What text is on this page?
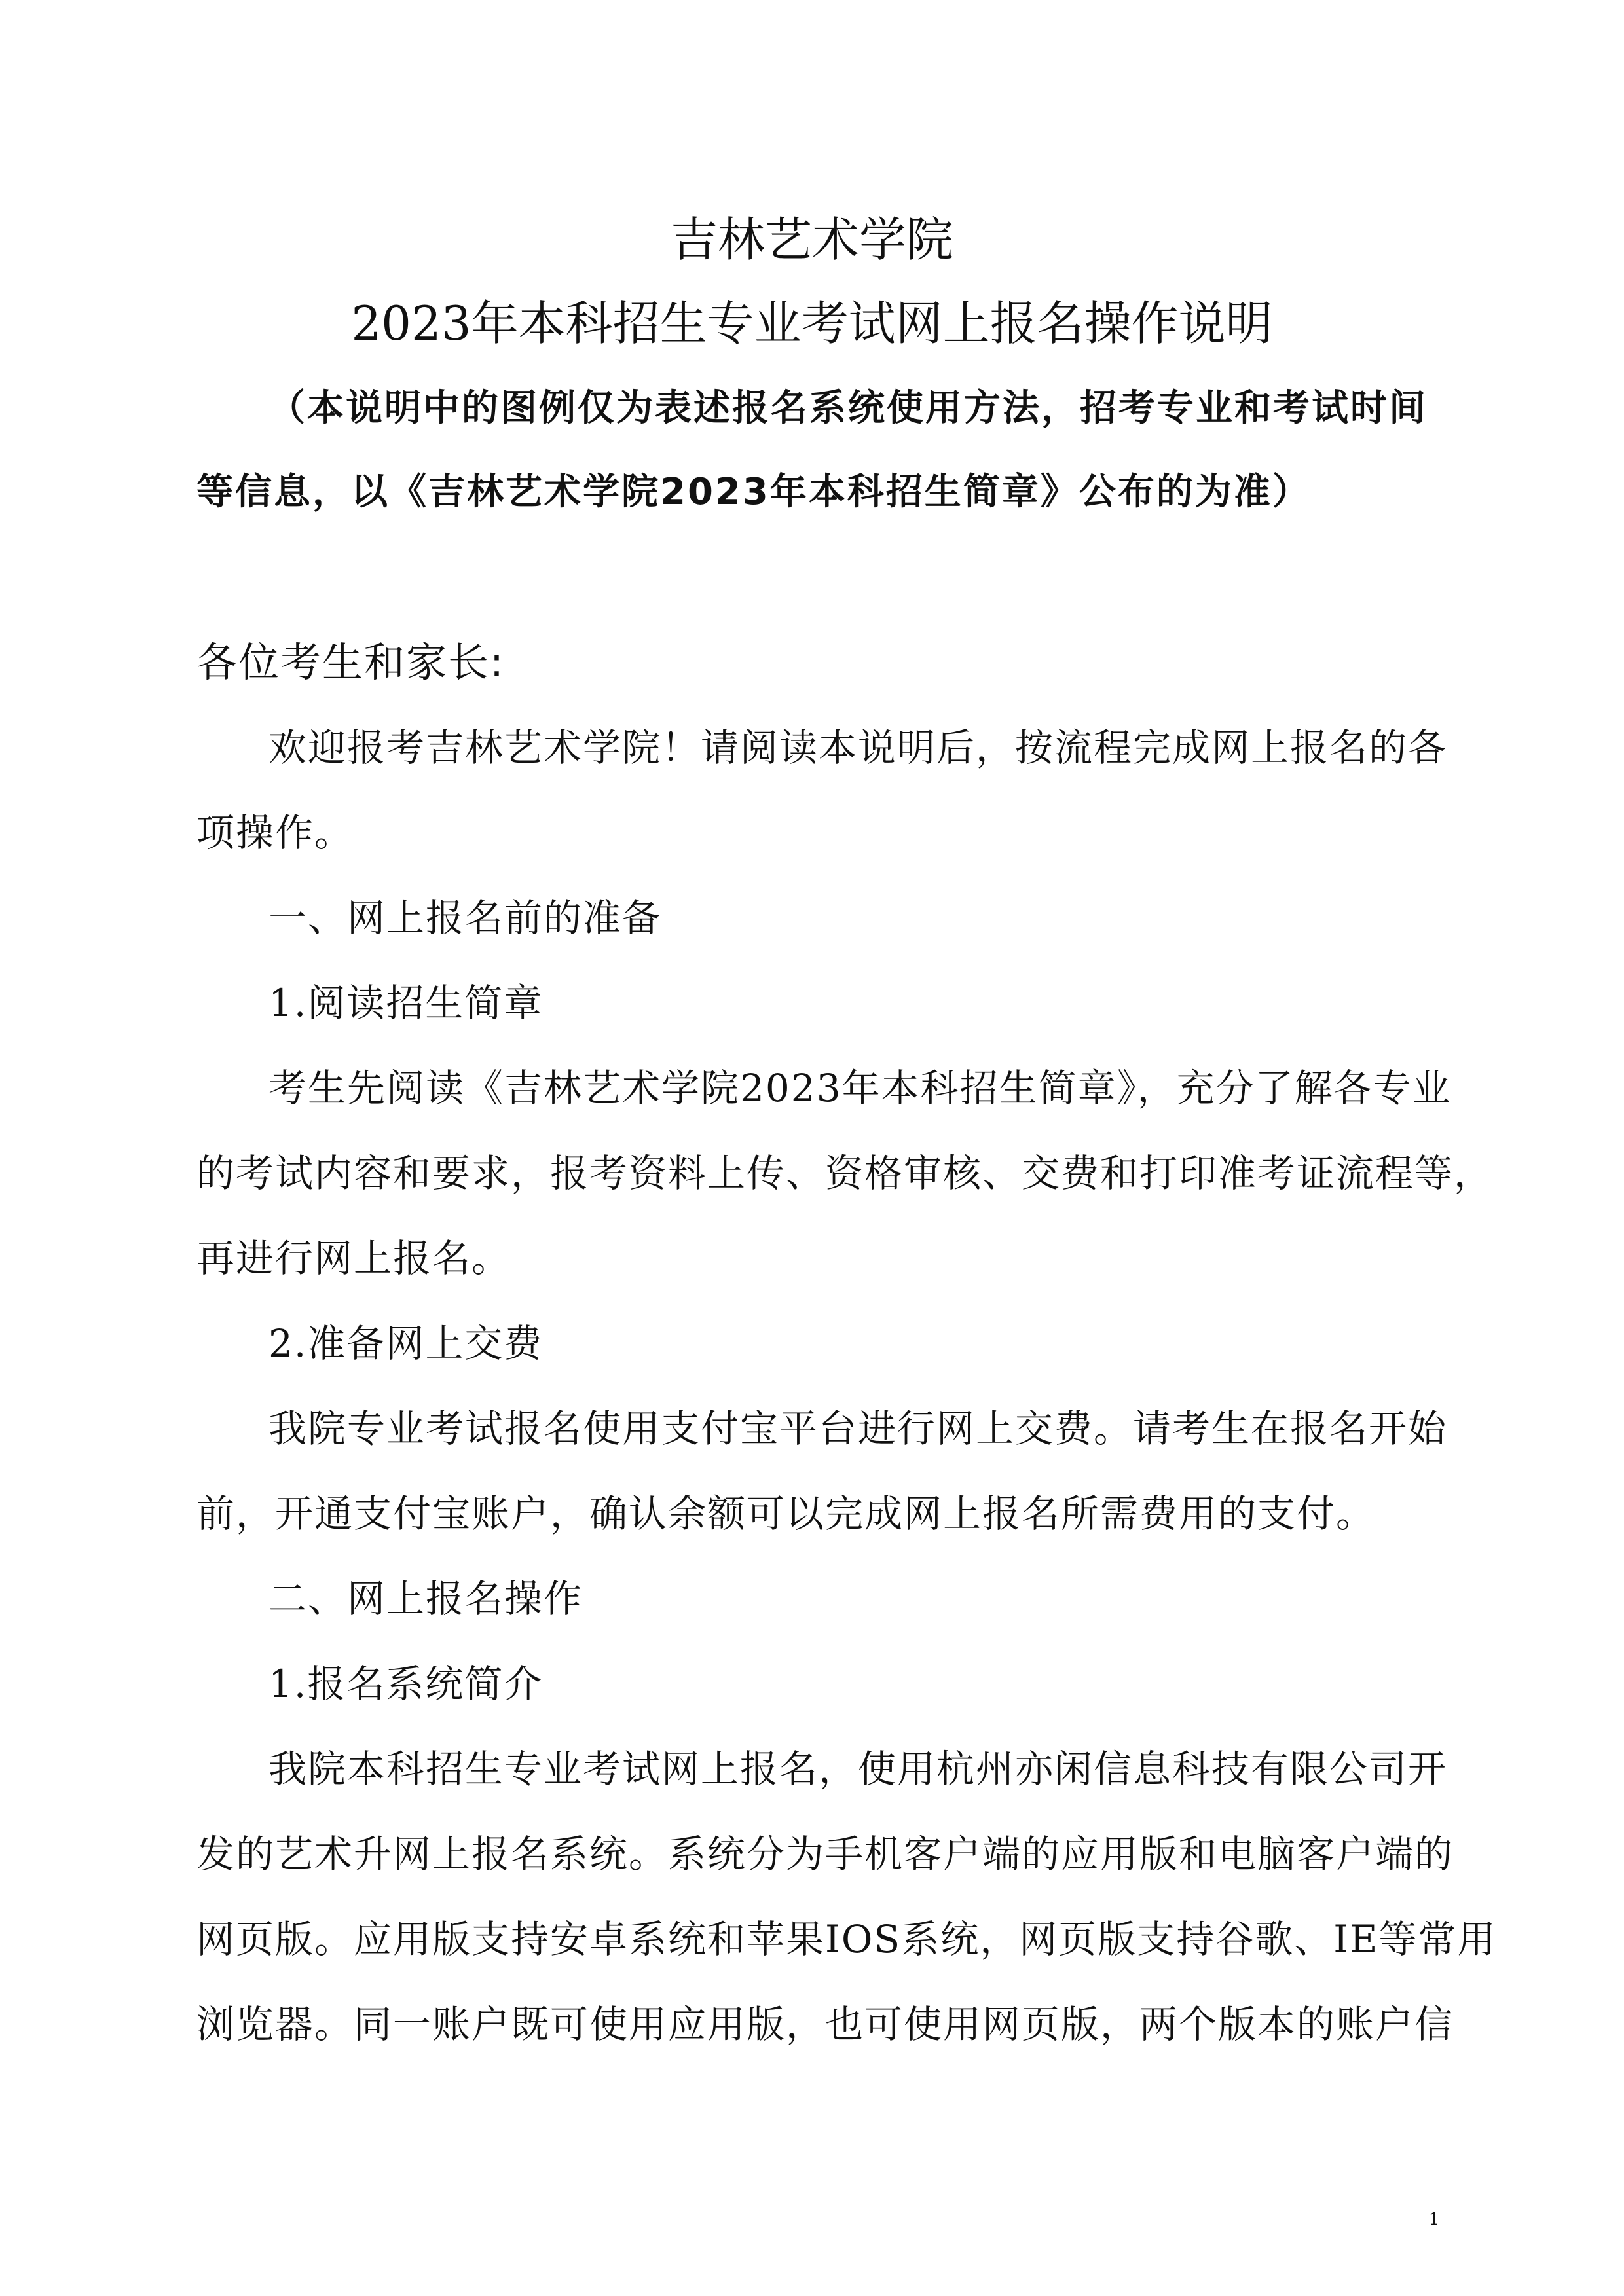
吉林艺术学院
2023年本科招生专业考试网上报名操作说明
（本说明中的图例仅为表述报名系统使用方法，招考专业和考试时间
等信息，以《吉林艺术学院2023年本科招生简章》公布的为准）
各位考生和家长:
欢迎报考吉林艺术学院！请阅读本说明后，按流程完成网上报名的各
项操作。
一、网上报名前的准备
1.阅读招生简章
考生先阅读《吉林艺术学院2023年本科招生简章》，充分了解各专业
的考试内容和要求，报考资料上传、资格审核、交费和打印准考证流程等，
再进行网上报名。
2.准备网上交费
我院专业考试报名使用支付宝平台进行网上交费。请考生在报名开始
前，开通支付宝账户，确认余额可以完成网上报名所需费用的支付。
二、网上报名操作
1.报名系统简介
我院本科招生专业考试网上报名，使用杭州亦闲信息科技有限公司开
发的艺术升网上报名系统。系统分为手机客户端的应用版和电脑客户端的
网页版。应用版支持安卓系统和苹果IOS系统，网页版支持谷歌、IE等常用
浏览器。同一账户既可使用应用版，也可使用网页版，两个版本的账户信
1
